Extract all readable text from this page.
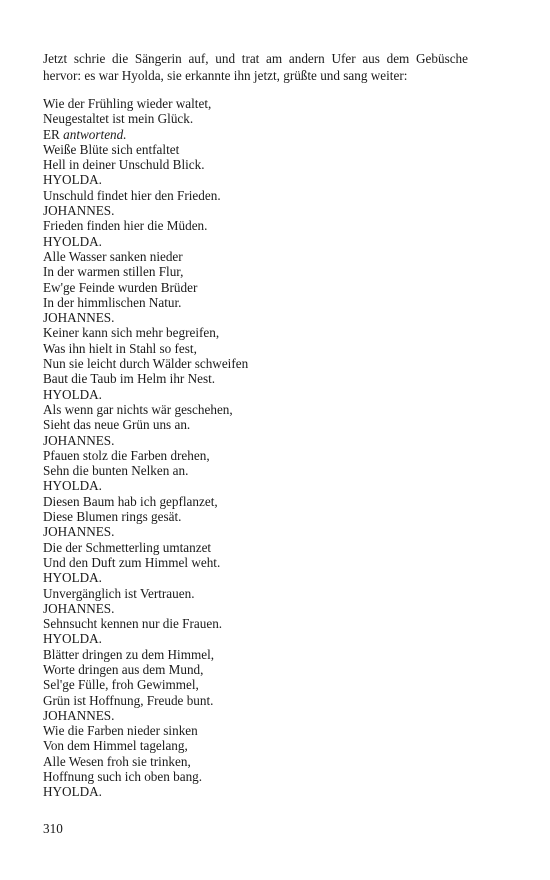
Jetzt schrie die Sängerin auf, und trat am andern Ufer aus dem Gebüsche hervor: es war Hyolda, sie erkannte ihn jetzt, grüßte und sang weiter:

Wie der Frühling wieder waltet,
Neugestaltet ist mein Glück.
ER antwortend.
Weiße Blüte sich entfaltet
Hell in deiner Unschuld Blick.
HYOLDA.
Unschuld findet hier den Frieden.
JOHANNES.
Frieden finden hier die Müden.
HYOLDA.
Alle Wasser sanken nieder
In der warmen stillen Flur,
Ew'ge Feinde wurden Brüder
In der himmlischen Natur.
JOHANNES.
Keiner kann sich mehr begreifen,
Was ihn hielt in Stahl so fest,
Nun sie leicht durch Wälder schweifen
Baut die Taub im Helm ihr Nest.
HYOLDA.
Als wenn gar nichts wär geschehen,
Sieht das neue Grün uns an.
JOHANNES.
Pfauen stolz die Farben drehen,
Sehn die bunten Nelken an.
HYOLDA.
Diesen Baum hab ich gepflanzet,
Diese Blumen rings gesät.
JOHANNES.
Die der Schmetterling umtanzet
Und den Duft zum Himmel weht.
HYOLDA.
Unvergänglich ist Vertrauen.
JOHANNES.
Sehnsucht kennen nur die Frauen.
HYOLDA.
Blätter dringen zu dem Himmel,
Worte dringen aus dem Mund,
Sel'ge Fülle, froh Gewimmel,
Grün ist Hoffnung, Freude bunt.
JOHANNES.
Wie die Farben nieder sinken
Von dem Himmel tagelang,
Alle Wesen froh sie trinken,
Hoffnung such ich oben bang.
HYOLDA.

310
